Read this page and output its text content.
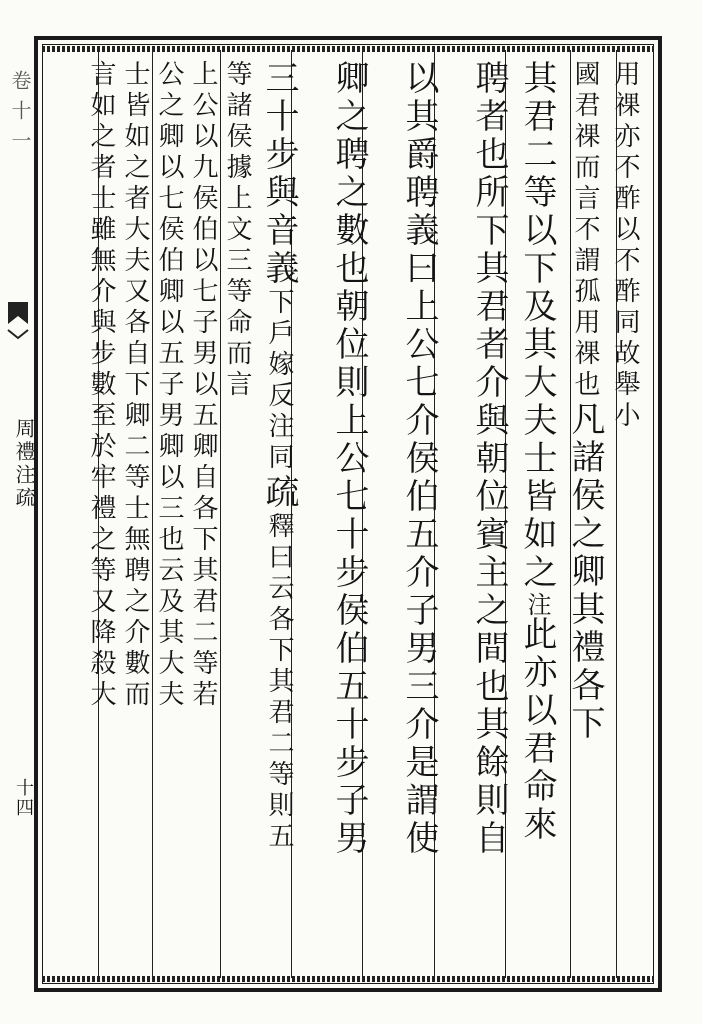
卷十一
周禮注疏
十四
用祼亦不酢以不酢同故舉小
國君祼而言不謂孤用祼也凡諸侯之卿其禮各下
其君二等以下及其大夫士皆如之注此亦以君命來
聘者也所下其君者介與朝位賓主之間也其餘則自
以其爵聘義曰上公七介侯伯五介子男三介是謂使
卿之聘之數也朝位則上公七十步侯伯五十步子男
三十步與音義下戶嫁反注同疏釋曰云各下其君二等則五
等諸侯據上文三等命而言
上公以九侯伯以七子男以五卿自各下其君二等若
公之卿以七侯伯卿以五子男卿以三也云及其大夫
士皆如之者大夫又各自下卿二等士無聘之介數而
言如之者士雖無介與步數至於牢禮之等又降殺大
